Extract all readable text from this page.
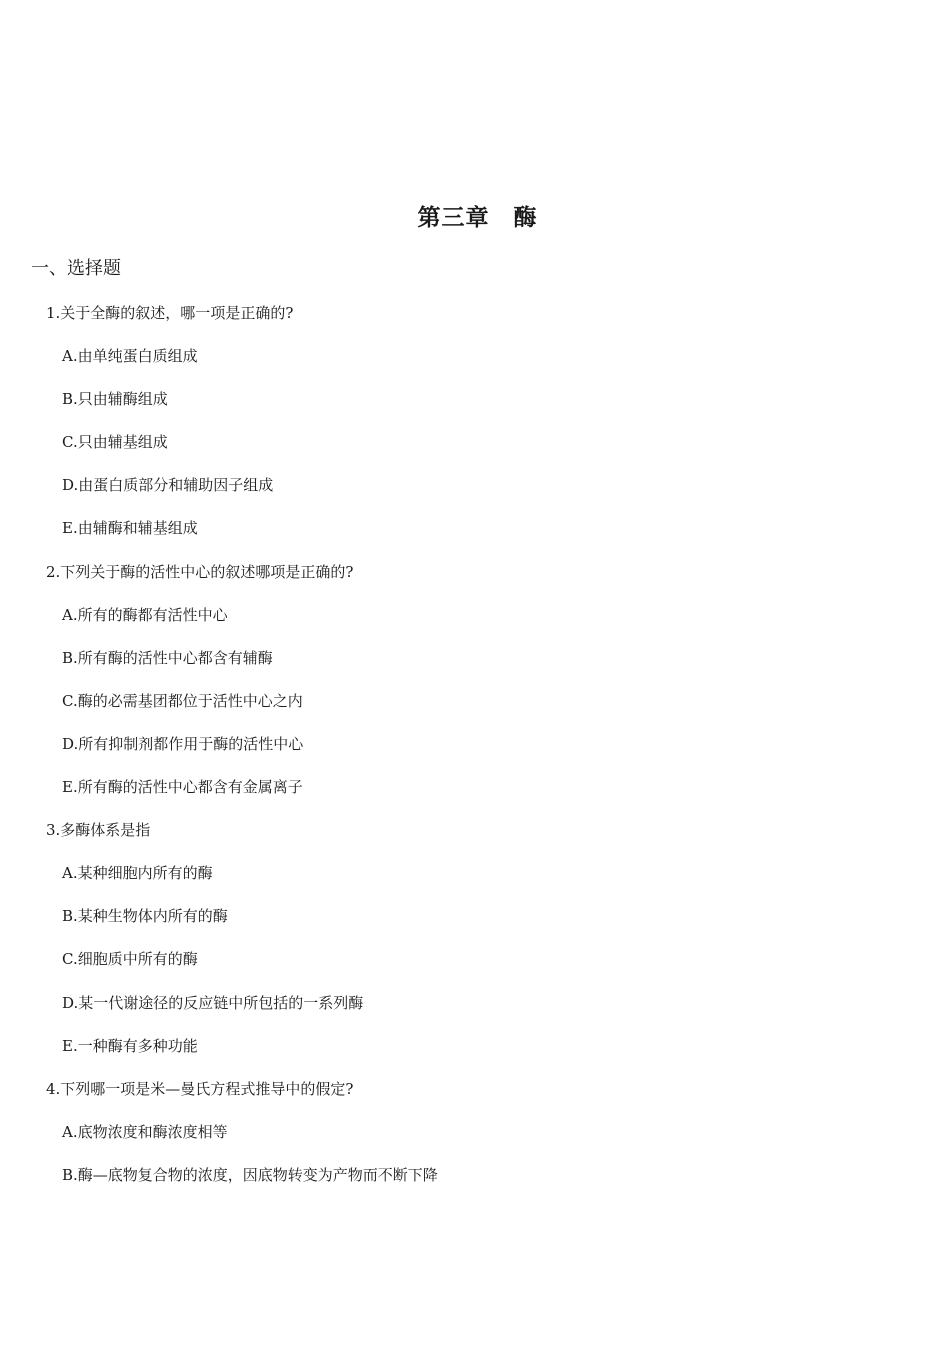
第三章　酶
一、选择题
1.关于全酶的叙述，哪一项是正确的?
A.由单纯蛋白质组成
B.只由辅酶组成
C.只由辅基组成
D.由蛋白质部分和辅助因子组成
E.由辅酶和辅基组成
2.下列关于酶的活性中心的叙述哪项是正确的?
A.所有的酶都有活性中心
B.所有酶的活性中心都含有辅酶
C.酶的必需基团都位于活性中心之内
D.所有抑制剂都作用于酶的活性中心
E.所有酶的活性中心都含有金属离子
3.多酶体系是指
A.某种细胞内所有的酶
B.某种生物体内所有的酶
C.细胞质中所有的酶
D.某一代谢途径的反应链中所包括的一系列酶
E.一种酶有多种功能
4.下列哪一项是米—曼氏方程式推导中的假定?
A.底物浓度和酶浓度相等
B.酶—底物复合物的浓度，因底物转变为产物而不断下降
